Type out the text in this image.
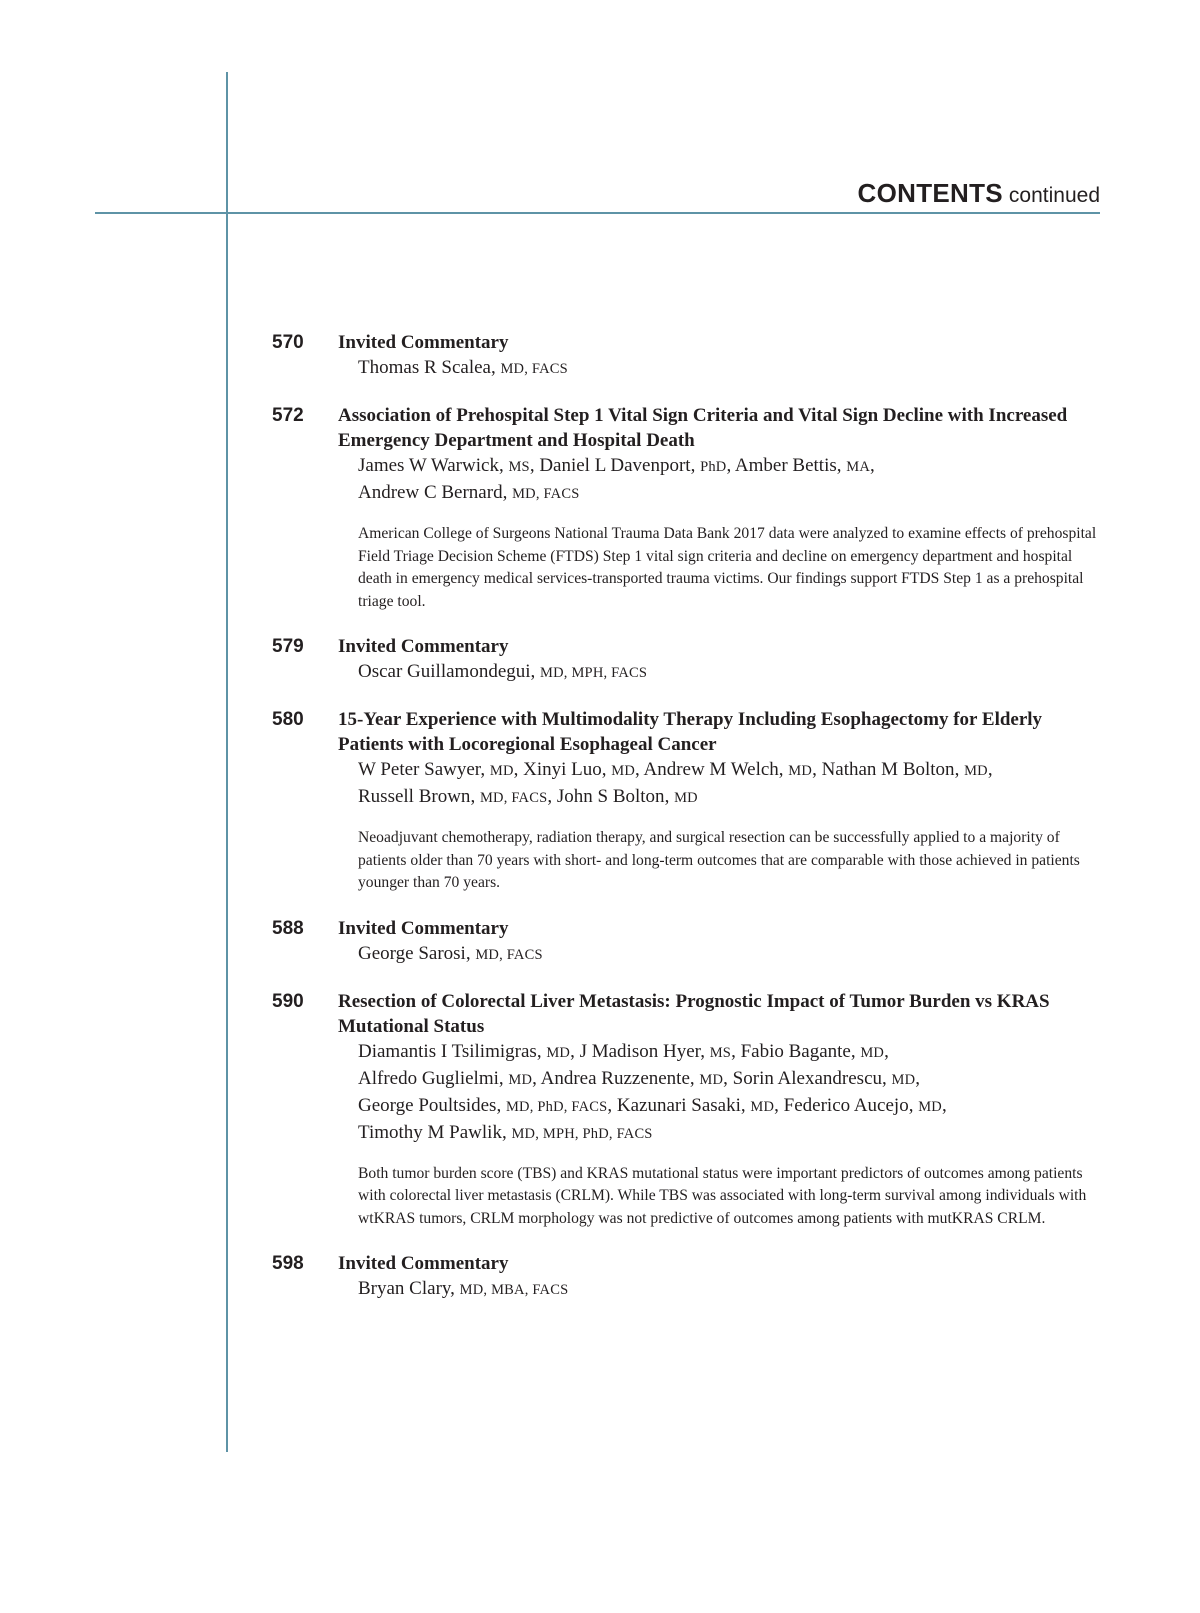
CONTENTS continued
570 Invited Commentary
Thomas R Scalea, MD, FACS
572 Association of Prehospital Step 1 Vital Sign Criteria and Vital Sign Decline with Increased Emergency Department and Hospital Death
James W Warwick, MS, Daniel L Davenport, PhD, Amber Bettis, MA,
Andrew C Bernard, MD, FACS
American College of Surgeons National Trauma Data Bank 2017 data were analyzed to examine effects of prehospital Field Triage Decision Scheme (FTDS) Step 1 vital sign criteria and decline on emergency department and hospital death in emergency medical services-transported trauma victims. Our findings support FTDS Step 1 as a prehospital triage tool.
579 Invited Commentary
Oscar Guillamondegui, MD, MPH, FACS
580 15-Year Experience with Multimodality Therapy Including Esophagectomy for Elderly Patients with Locoregional Esophageal Cancer
W Peter Sawyer, MD, Xinyi Luo, MD, Andrew M Welch, MD, Nathan M Bolton, MD,
Russell Brown, MD, FACS, John S Bolton, MD
Neoadjuvant chemotherapy, radiation therapy, and surgical resection can be successfully applied to a majority of patients older than 70 years with short- and long-term outcomes that are comparable with those achieved in patients younger than 70 years.
588 Invited Commentary
George Sarosi, MD, FACS
590 Resection of Colorectal Liver Metastasis: Prognostic Impact of Tumor Burden vs KRAS Mutational Status
Diamantis I Tsilimigras, MD, J Madison Hyer, MS, Fabio Bagante, MD,
Alfredo Guglielmi, MD, Andrea Ruzzenente, MD, Sorin Alexandrescu, MD,
George Poultsides, MD, PhD, FACS, Kazunari Sasaki, MD, Federico Aucejo, MD,
Timothy M Pawlik, MD, MPH, PhD, FACS
Both tumor burden score (TBS) and KRAS mutational status were important predictors of outcomes among patients with colorectal liver metastasis (CRLM). While TBS was associated with long-term survival among individuals with wtKRAS tumors, CRLM morphology was not predictive of outcomes among patients with mutKRAS CRLM.
598 Invited Commentary
Bryan Clary, MD, MBA, FACS
